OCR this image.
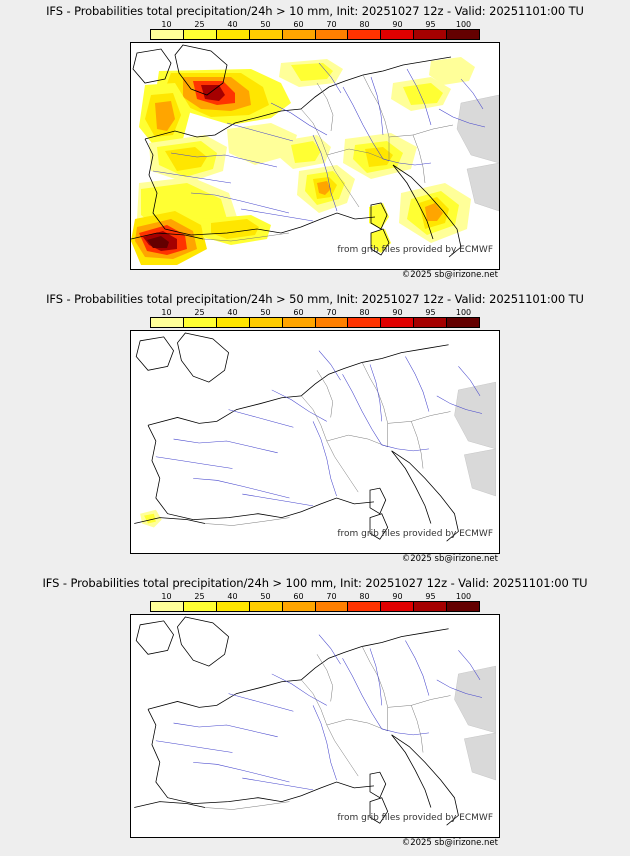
IFS - Probabilities total precipitation/24h > 10 mm, Init: 20251027 12z - Valid: 20251101:00 TU
10	25	40	50	60	70	80	90	95	100
from grib files provided by ECMWF
©2025 sb@irizone.net
IFS - Probabilities total precipitation/24h > 50 mm, Init: 20251027 12z - Valid: 20251101:00 TU
10	25	40	50	60	70	80	90	95	100
from grib files provided by ECMWF
©2025 sb@irizone.net
IFS - Probabilities total precipitation/24h > 100 mm, Init: 20251027 12z - Valid: 20251101:00 TU
10	25	40	50	60	70	80	90	95	100
from grib files provided by ECMWF
©2025 sb@irizone.net
